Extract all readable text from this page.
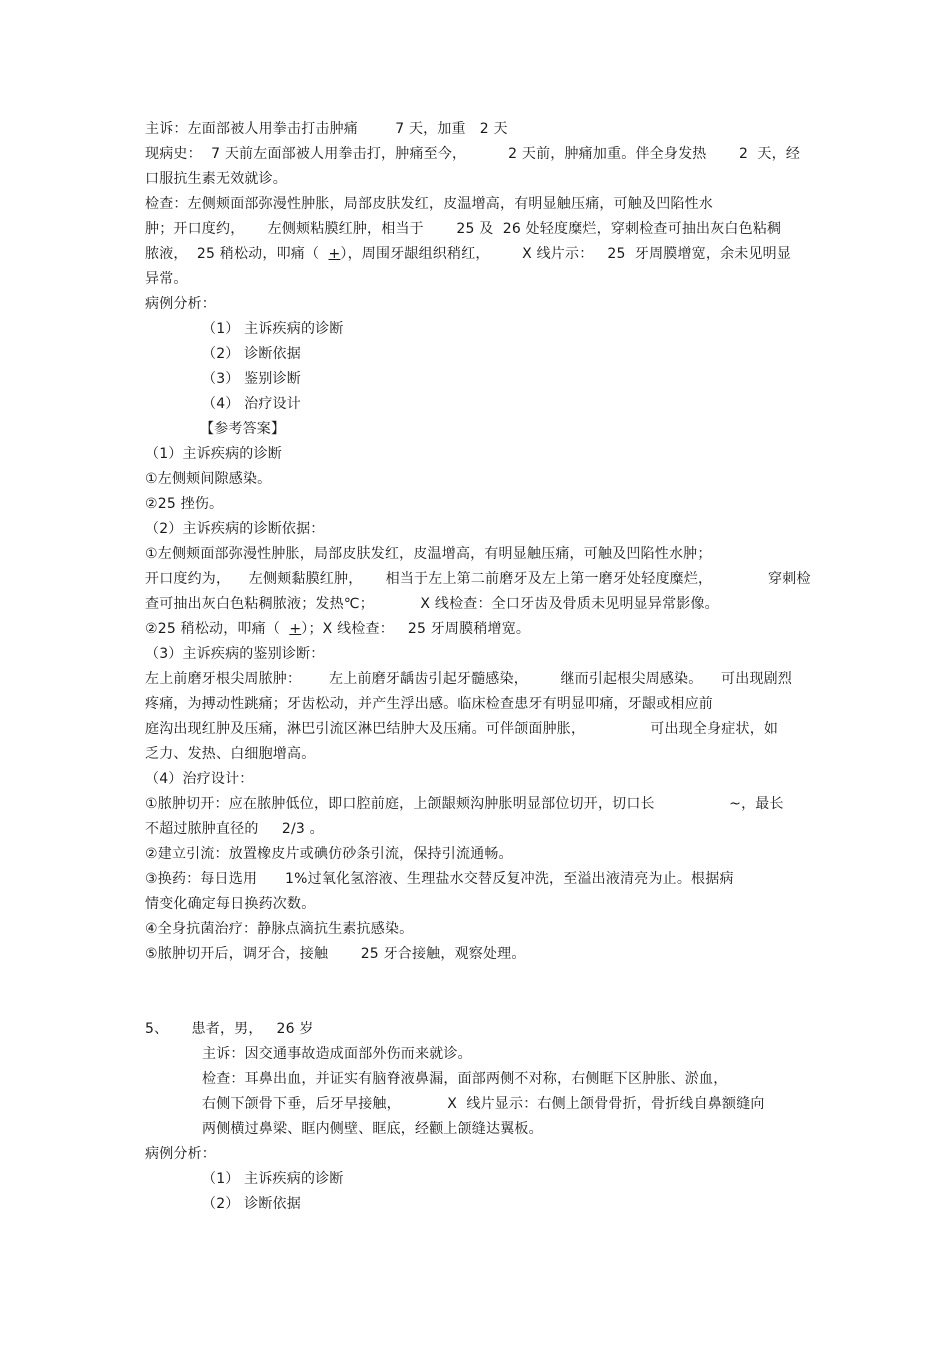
主诉：左面部被人用拳击打击肿痛        7 天，加重   2 天
现病史：  7 天前左面部被人用拳击打，肿痛至今，         2 天前，肿痛加重。伴全身发热       2  天，经
口服抗生素无效就诊。
检查：左侧颊面部弥漫性肿胀，局部皮肤发红，皮温增高，有明显触压痛，可触及凹陷性水
肿；开口度约，     左侧颊粘膜红肿，相当于       25 及  26 处轻度糜烂，穿刺检查可抽出灰白色粘稠
脓液，  25 稍松动，叩痛（  +），周围牙龈组织稍红，       X 线片示：   25  牙周膜增宽，余未见明显
异常。
病例分析：
（1） 主诉疾病的诊断
（2） 诊断依据
（3） 鉴别诊断
（4） 治疗设计
【参考答案】
（1）主诉疾病的诊断
①左侧颊间隙感染。
②25 挫伤。
（2）主诉疾病的诊断依据：
①左侧颊面部弥漫性肿胀，局部皮肤发红，皮温增高，有明显触压痛，可触及凹陷性水肿；
开口度约为，    左侧颊黏膜红肿，     相当于左上第二前磨牙及左上第一磨牙处轻度糜烂，            穿刺检
查可抽出灰白色粘稠脓液；发热℃；          X 线检查：全口牙齿及骨质未见明显异常影像。
②25 稍松动，叩痛（  +）；X 线检查：   25 牙周膜稍增宽。
（3）主诉疾病的鉴别诊断：
左上前磨牙根尖周脓肿：      左上前磨牙龋齿引起牙髓感染，       继而引起根尖周感染。    可出现剧烈
疼痛，为搏动性跳痛；牙齿松动，并产生浮出感。临床检查患牙有明显叩痛，牙龈或相应前
庭沟出现红肿及压痛，淋巴引流区淋巴结肿大及压痛。可伴颌面肿胀，              可出现全身症状，如
乏力、发热、白细胞增高。
（4）治疗设计：
①脓肿切开：应在脓肿低位，即口腔前庭，上颌龈颊沟肿胀明显部位切开，切口长                ~，最长
不超过脓肿直径的     2/3 。
②建立引流：放置橡皮片或碘仿砂条引流，保持引流通畅。
③换药：每日选用      1%过氧化氢溶液、生理盐水交替反复冲洗，至溢出液清亮为止。根据病
情变化确定每日换药次数。
④全身抗菌治疗：静脉点滴抗生素抗感染。
⑤脓肿切开后，调牙合，接触       25 牙合接触，观察处理。
5、     患者，男，   26 岁
主诉：因交通事故造成面部外伤而来就诊。
检查：耳鼻出血，并证实有脑脊液鼻漏，面部两侧不对称，右侧眶下区肿胀、淤血，
右侧下颌骨下垂，后牙早接触，          X  线片显示：右侧上颌骨骨折，骨折线自鼻额缝向
两侧横过鼻梁、眶内侧壁、眶底，经颧上颌缝达翼板。
病例分析：
（1） 主诉疾病的诊断
（2） 诊断依据
